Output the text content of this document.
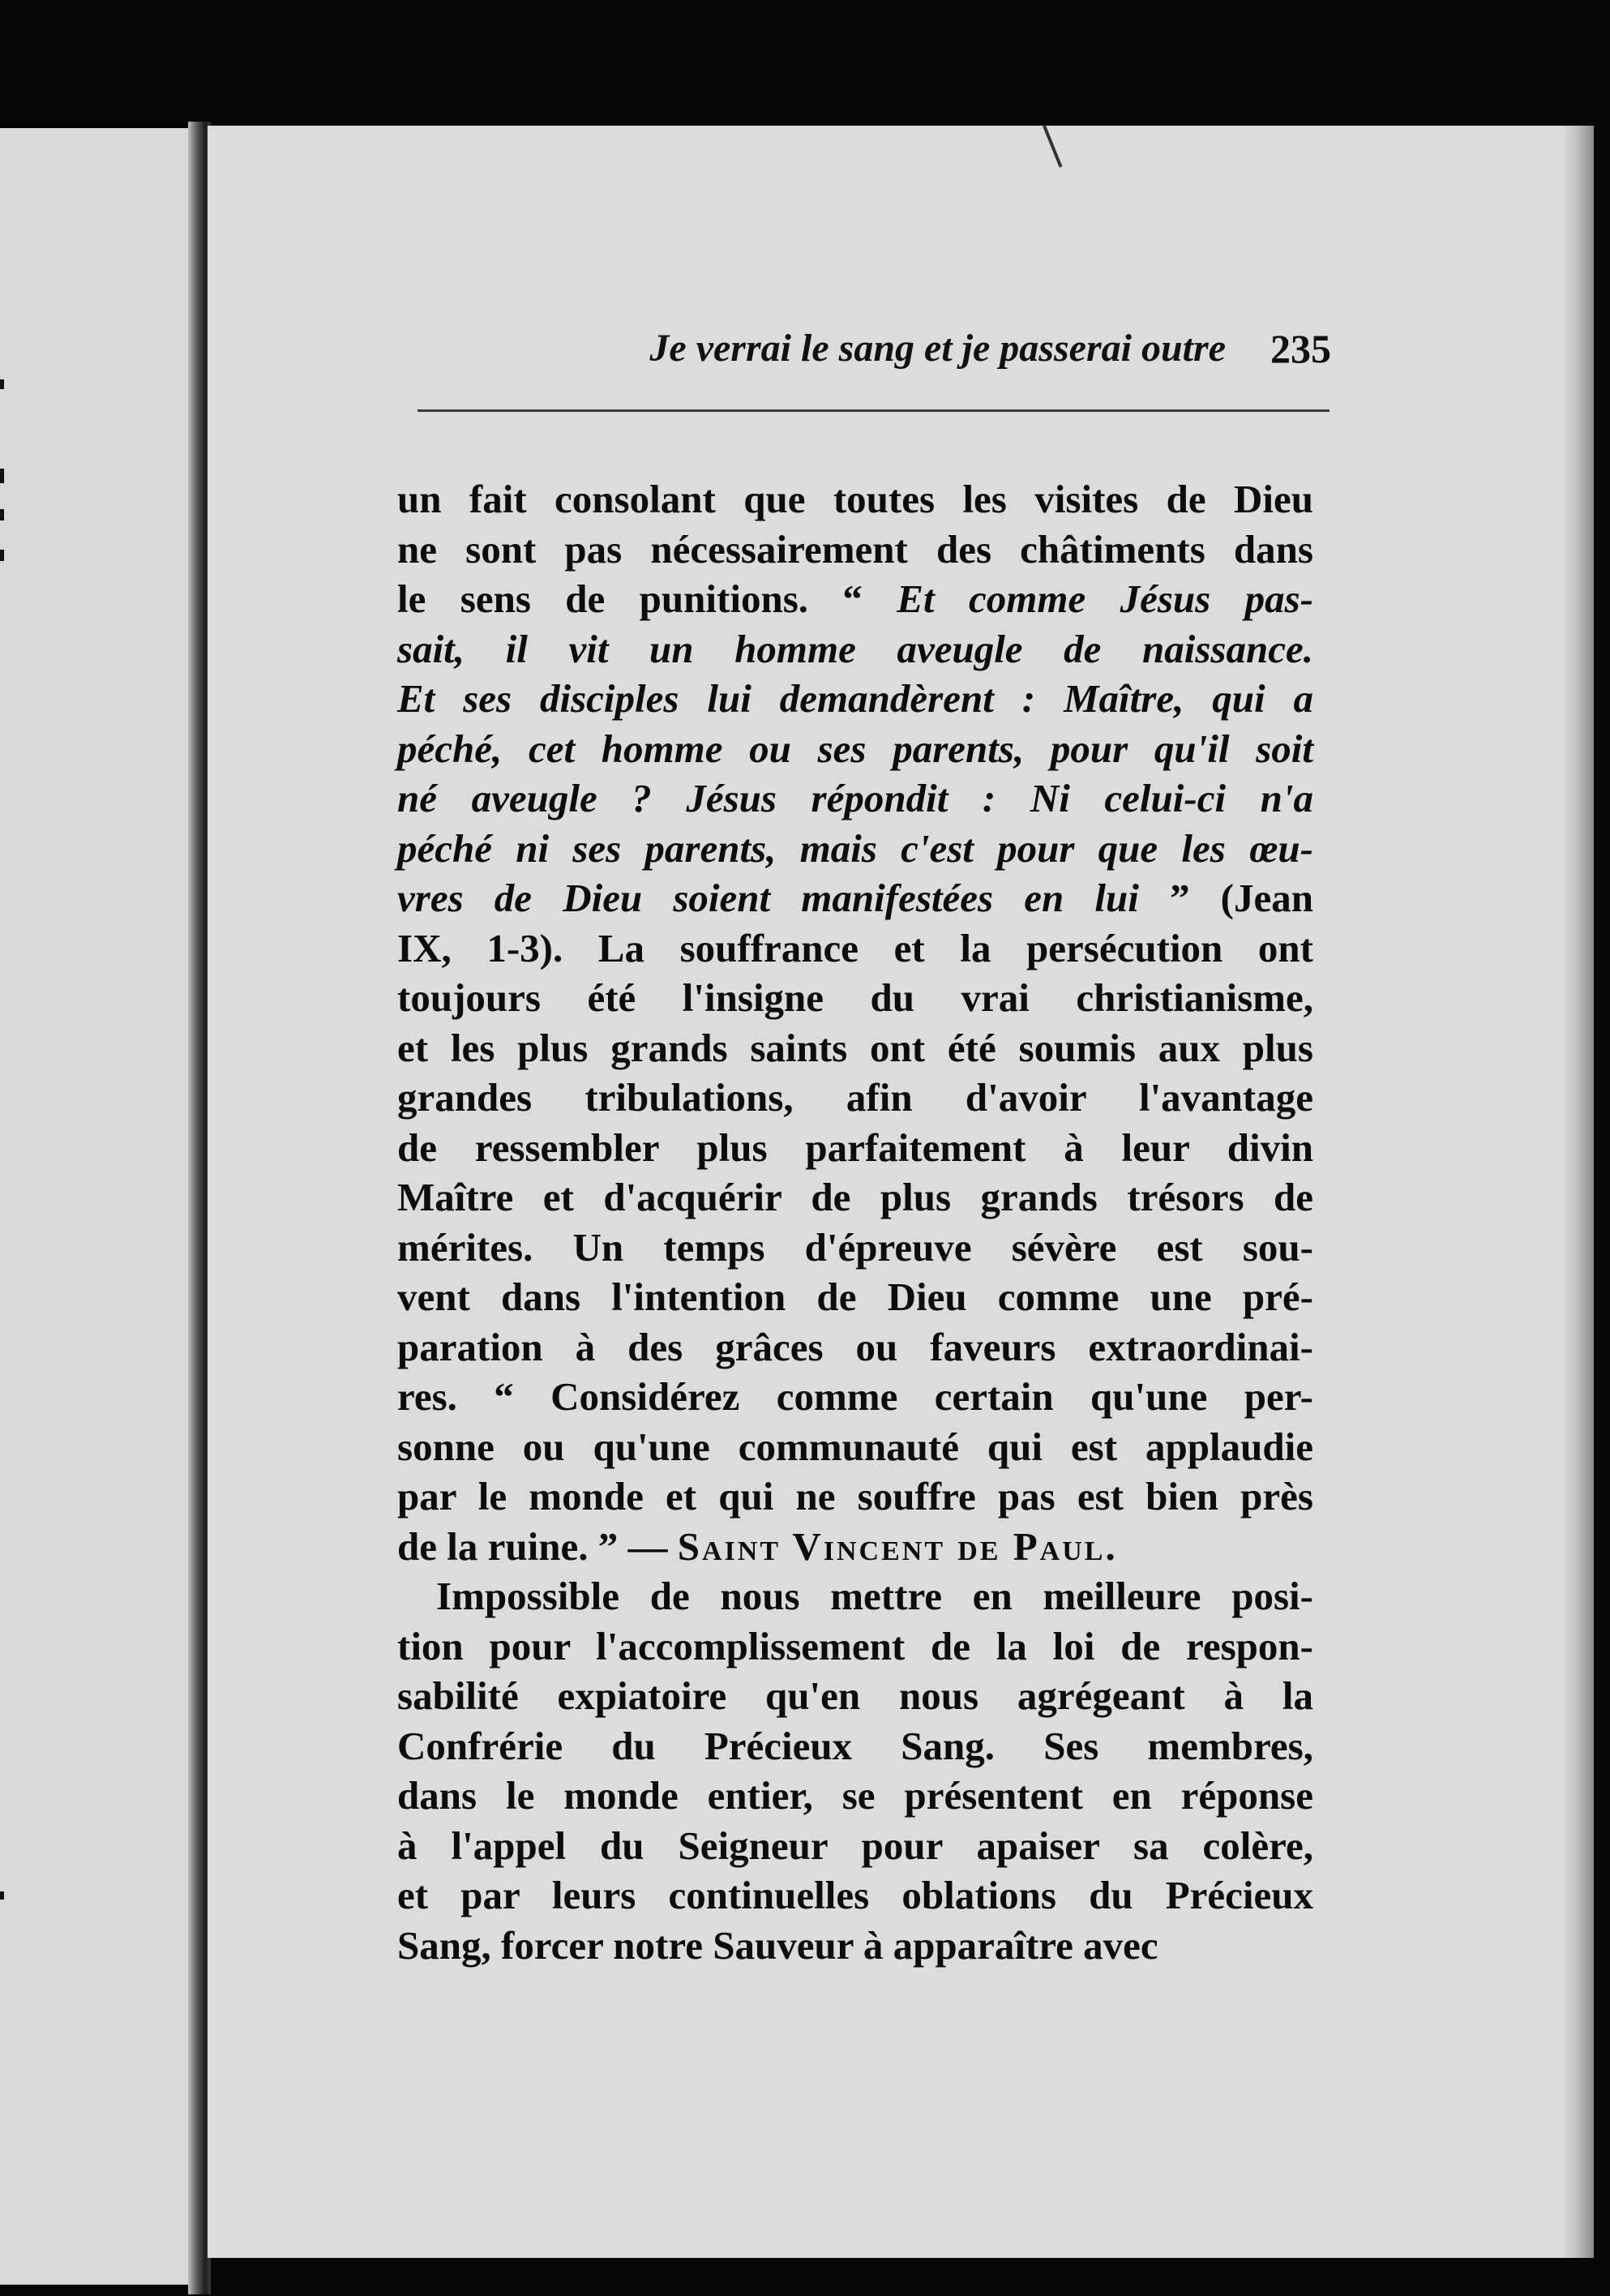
Je verrai le sang et je passerai outre 235
un fait consolant que toutes les visites de Dieu
ne sont pas nécessairement des châtiments dans
le sens de punitions. “ Et comme Jésus pas-
sait, il vit un homme aveugle de naissance.
Et ses disciples lui demandèrent : Maître, qui a
péché, cet homme ou ses parents, pour qu'il soit
né aveugle ? Jésus répondit : Ni celui-ci n'a
péché ni ses parents, mais c'est pour que les œu-
vres de Dieu soient manifestées en lui ” (Jean
IX, 1-3). La souffrance et la persécution ont
toujours été l'insigne du vrai christianisme,
et les plus grands saints ont été soumis aux plus
grandes tribulations, afin d'avoir l'avantage
de ressembler plus parfaitement à leur divin
Maître et d'acquérir de plus grands trésors de
mérites. Un temps d'épreuve sévère est sou-
vent dans l'intention de Dieu comme une pré-
paration à des grâces ou faveurs extraordinai-
res. “ Considérez comme certain qu'une per-
sonne ou qu'une communauté qui est applaudie
par le monde et qui ne souffre pas est bien près
de la ruine. ” — Saint Vincent de Paul.
Impossible de nous mettre en meilleure posi-
tion pour l'accomplissement de la loi de respon-
sabilité expiatoire qu'en nous agrégeant à la
Confrérie du Précieux Sang. Ses membres,
dans le monde entier, se présentent en réponse
à l'appel du Seigneur pour apaiser sa colère,
et par leurs continuelles oblations du Précieux
Sang, forcer notre Sauveur à apparaître avec
